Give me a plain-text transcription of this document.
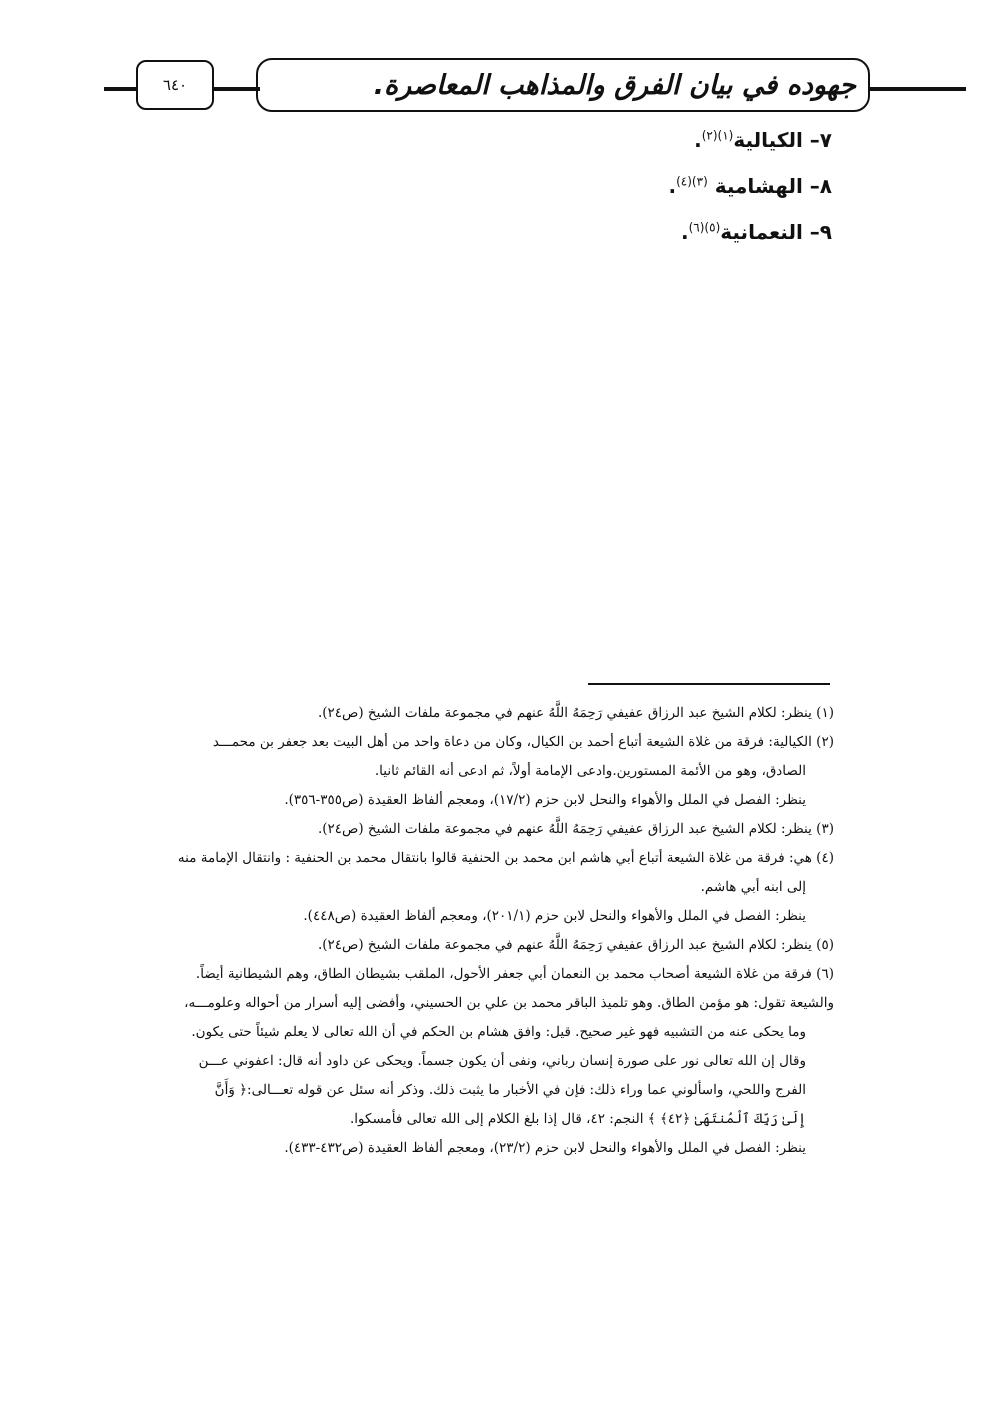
جهوده في بيان الفرق والمذاهب المعاصرة.
٦٤٠
٧– الكيالية$^{(١)(٢)}$.
٨– الهشامية $^{(٣)(٤)}$.
٩– النعمانية$^{(٥)(٦)}$.
(١) ينظر: لكلام الشيخ عبد الرزاق عفيفي رَحِمَهُ اللَّهُ عنهم في مجموعة ملفات الشيخ (ص٢٤).
(٢) الكيالية: فرقة من غلاة الشيعة أتباع أحمد بن الكيال، وكان من دعاة واحد من أهل البيت بعد جعفر بن محمـــد
الصادق، وهو من الأئمة المستورين.وادعى الإمامة أولاً، ثم ادعى أنه القائم ثانيا.
ينظر: الفصل في الملل والأهواء والنحل لابن حزم (١٧/٢)، ومعجم ألفاظ العقيدة (ص٣٥٥-٣٥٦).
(٣) ينظر: لكلام الشيخ عبد الرزاق عفيفي رَحِمَهُ اللَّهُ عنهم في مجموعة ملفات الشيخ (ص٢٤).
(٤) هي: فرقة من غلاة الشيعة أتباع أبي هاشم ابن محمد بن الحنفية قالوا بانتقال محمد بن الحنفية : وانتقال الإمامة منه
إلى ابنه أبي هاشم.
ينظر: الفصل في الملل والأهواء والنحل لابن حزم (٢٠١/١)، ومعجم ألفاظ العقيدة (ص٤٤٨).
(٥) ينظر: لكلام الشيخ عبد الرزاق عفيفي رَحِمَهُ اللَّهُ عنهم في مجموعة ملفات الشيخ (ص٢٤).
(٦) فرقة من غلاة الشيعة أصحاب محمد بن النعمان أبي جعفر الأحول، الملقب بشيطان الطاق، وهم الشيطانية أيضاً.
والشيعة تقول: هو مؤمن الطاق. وهو تلميذ الباقر محمد بن علي بن الحسيني، وأفضى إليه أسرار من أحواله وعلومـــه،
وما يحكى عنه من التشبيه فهو غير صحيح. قيل: وافق هشام بن الحكم في أن الله تعالى لا يعلم شيئاً حتى يكون.
وقال إن الله تعالى نور على صورة إنسان رباني، ونفى أن يكون جسماً. ويحكى عن داود أنه قال: اعفوني عـــن
الفرج واللحي، واسألوني عما وراء ذلك: فإن في الأخبار ما يثبت ذلك. وذكر أنه سئل عن قوله تعـــالى:﴿ وَأَنَّ
إِلَىٰ رَبِّكَ ٱلْمُنتَهَىٰ ﴿٤٢﴾ ﴾ النجم: ٤٢، قال إذا بلغ الكلام إلى الله تعالى فأمسكوا.
ينظر: الفصل في الملل والأهواء والنحل لابن حزم (٢٣/٢)، ومعجم ألفاظ العقيدة (ص٤٣٢-٤٣٣).
